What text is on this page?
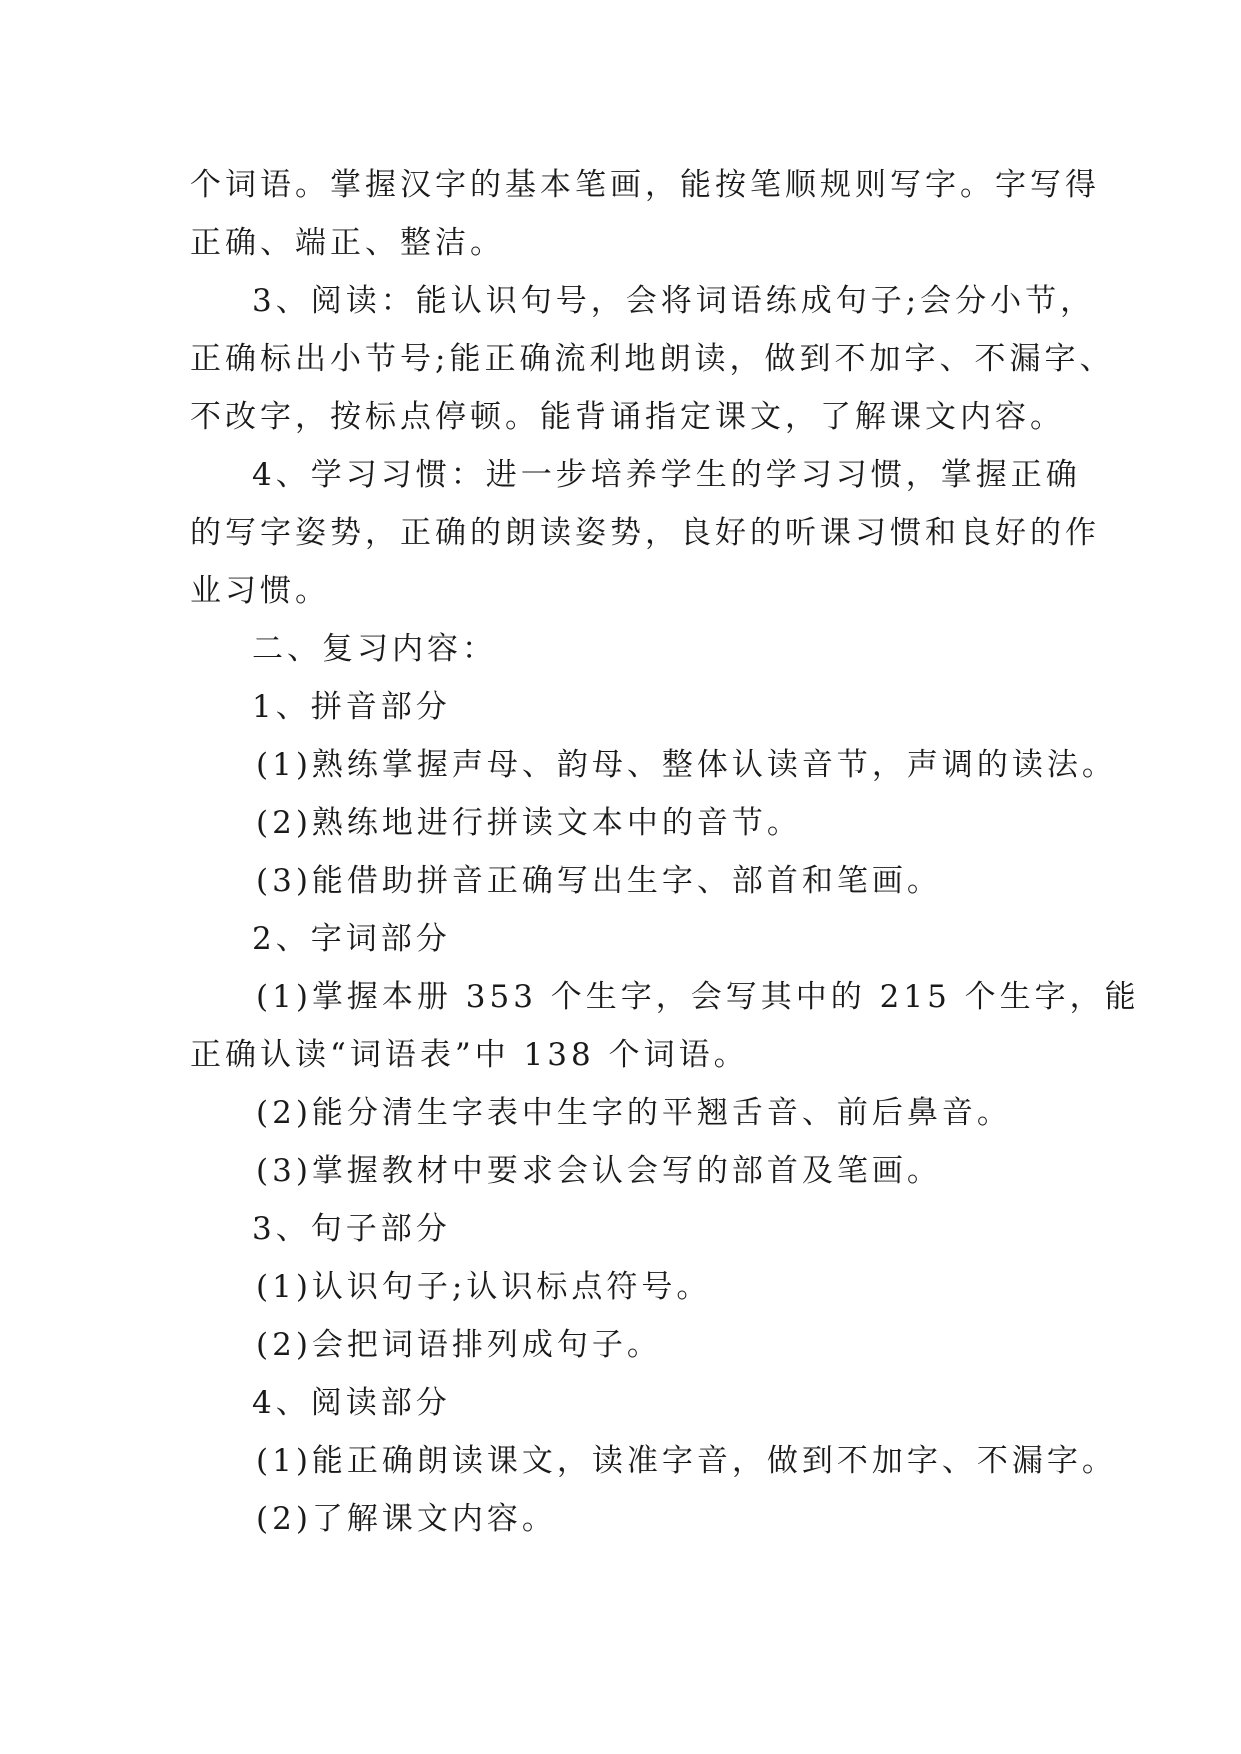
个词语。掌握汉字的基本笔画，能按笔顺规则写字。字写得
正确、端正、整洁。
3、阅读：能认识句号，会将词语练成句子;会分小节，
正确标出小节号;能正确流利地朗读，做到不加字、不漏字、
不改字，按标点停顿。能背诵指定课文，了解课文内容。
4、学习习惯：进一步培养学生的学习习惯，掌握正确
的写字姿势，正确的朗读姿势，良好的听课习惯和良好的作
业习惯。
二、复习内容：
1、拼音部分
(1)熟练掌握声母、韵母、整体认读音节，声调的读法。
(2)熟练地进行拼读文本中的音节。
(3)能借助拼音正确写出生字、部首和笔画。
2、字词部分
(1)掌握本册 353 个生字，会写其中的 215 个生字，能
正确认读“词语表”中 138 个词语。
(2)能分清生字表中生字的平翘舌音、前后鼻音。
(3)掌握教材中要求会认会写的部首及笔画。
3、句子部分
(1)认识句子;认识标点符号。
(2)会把词语排列成句子。
4、阅读部分
(1)能正确朗读课文，读准字音，做到不加字、不漏字。
(2)了解课文内容。
